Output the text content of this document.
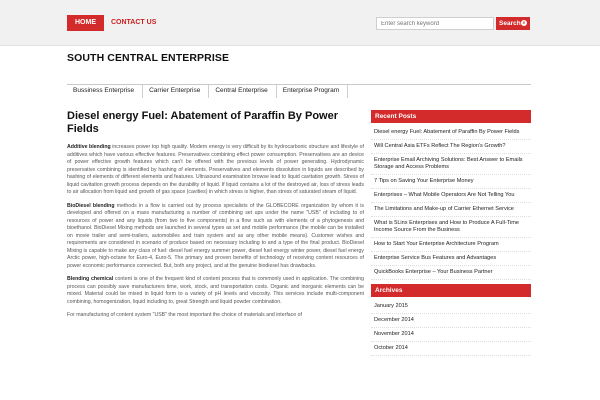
HOME	CONTACT US
Enter search keyword	Search ⌕
SOUTH CENTRAL ENTERPRISE
Bussiness Enterprise	Carrier Enterprise	Central Enterprise	Enterprise Program
Diesel energy Fuel: Abatement of Paraffin By Power Fields

Additive blending increases power top high quality. Modern energy is very difficult by its hydrocarbonic structure and lifestyle of additives which have various effective features. Preservatives combining effect power consumption. Preservatives are an device of power effective growth features which can't be offered with the previous levels of power generating. Hydrodynamic preservative combining is identified by hashing of elements. Preservatives and elements dissolution in liquids are described by hashing of elements of different elements and features. Ultrasound examination browse lead to liquid cavitation growth. Stress of liquid cavitation growth process depends on the durability of liquid. If liquid contains a lot of the destroyed air, loss of stress leads to air allocation from liquid and growth of gas space (cavities) in which stress is higher, than stress of saturated steam of liquid.

BioDiesel blending methods in a flow is carried out by process specialists of the GLOBECORE organization by whom it is developed and offered on a mass manufacturing a number of combining set ups under the name "USB" of including to of resources of power and any liquids (from two to five components) in a flow such as with elements of a phytogenesis and bioethanol. BioDiesel Mixing methods are launched in several types as set and mobile performance (the mobile can be installed on movie trailer and semi-trailers, automobiles and train system and as any other mobile means). Customer wishes and requirements are considered in scenario of produce based on necessary including to and a type of the final product. BioDiesel Mixing is capable to make any class of fuel: diesel fuel energy summer power, diesel fuel energy winter power, diesel fuel energy Arctic power, high-octane for Euro-4, Euro-5. The primary and proven benefits of technology of receiving content resources of power economic performance connected. But, both any project, and at the genuine biodiesel has drawbacks.

Blending chemical content is one of the frequent kind of content process that is commonly used in application. The combining process can possibly save manufacturers time, work, stock, and transportation costs. Organic and inorganic elements can be mixed. Material could be mixed in liquid form to a variety of pH levels and viscosity. This services include multi-component combining, homogenization, liquid including to, great Strength and liquid powder combination.

For manufacturing of content system "USB" the most important the choice of materials and interface of

Recent Posts
Diesel energy Fuel: Abatement of Paraffin By Power Fields
Will Central Asia ETFs Reflect The Region's Growth?
Enterprise Email Archiving Solutions: Best Answer to Emails Storage and Access Problems
7 Tips on Saving Your Enterprise Money
Enterprises – What Mobile Operators Are Not Telling You
The Limitations and Make-up of Carrier Ethernet Service
What is 5Linx Enterprises and How to Produce A Full-Time Income Source From the Business
How to Start Your Enterprise Architecture Program
Enterprise Service Bus Features and Advantages
QuickBooks Enterprise – Your Business Partner
Archives
January 2015
December 2014
November 2014
October 2014
